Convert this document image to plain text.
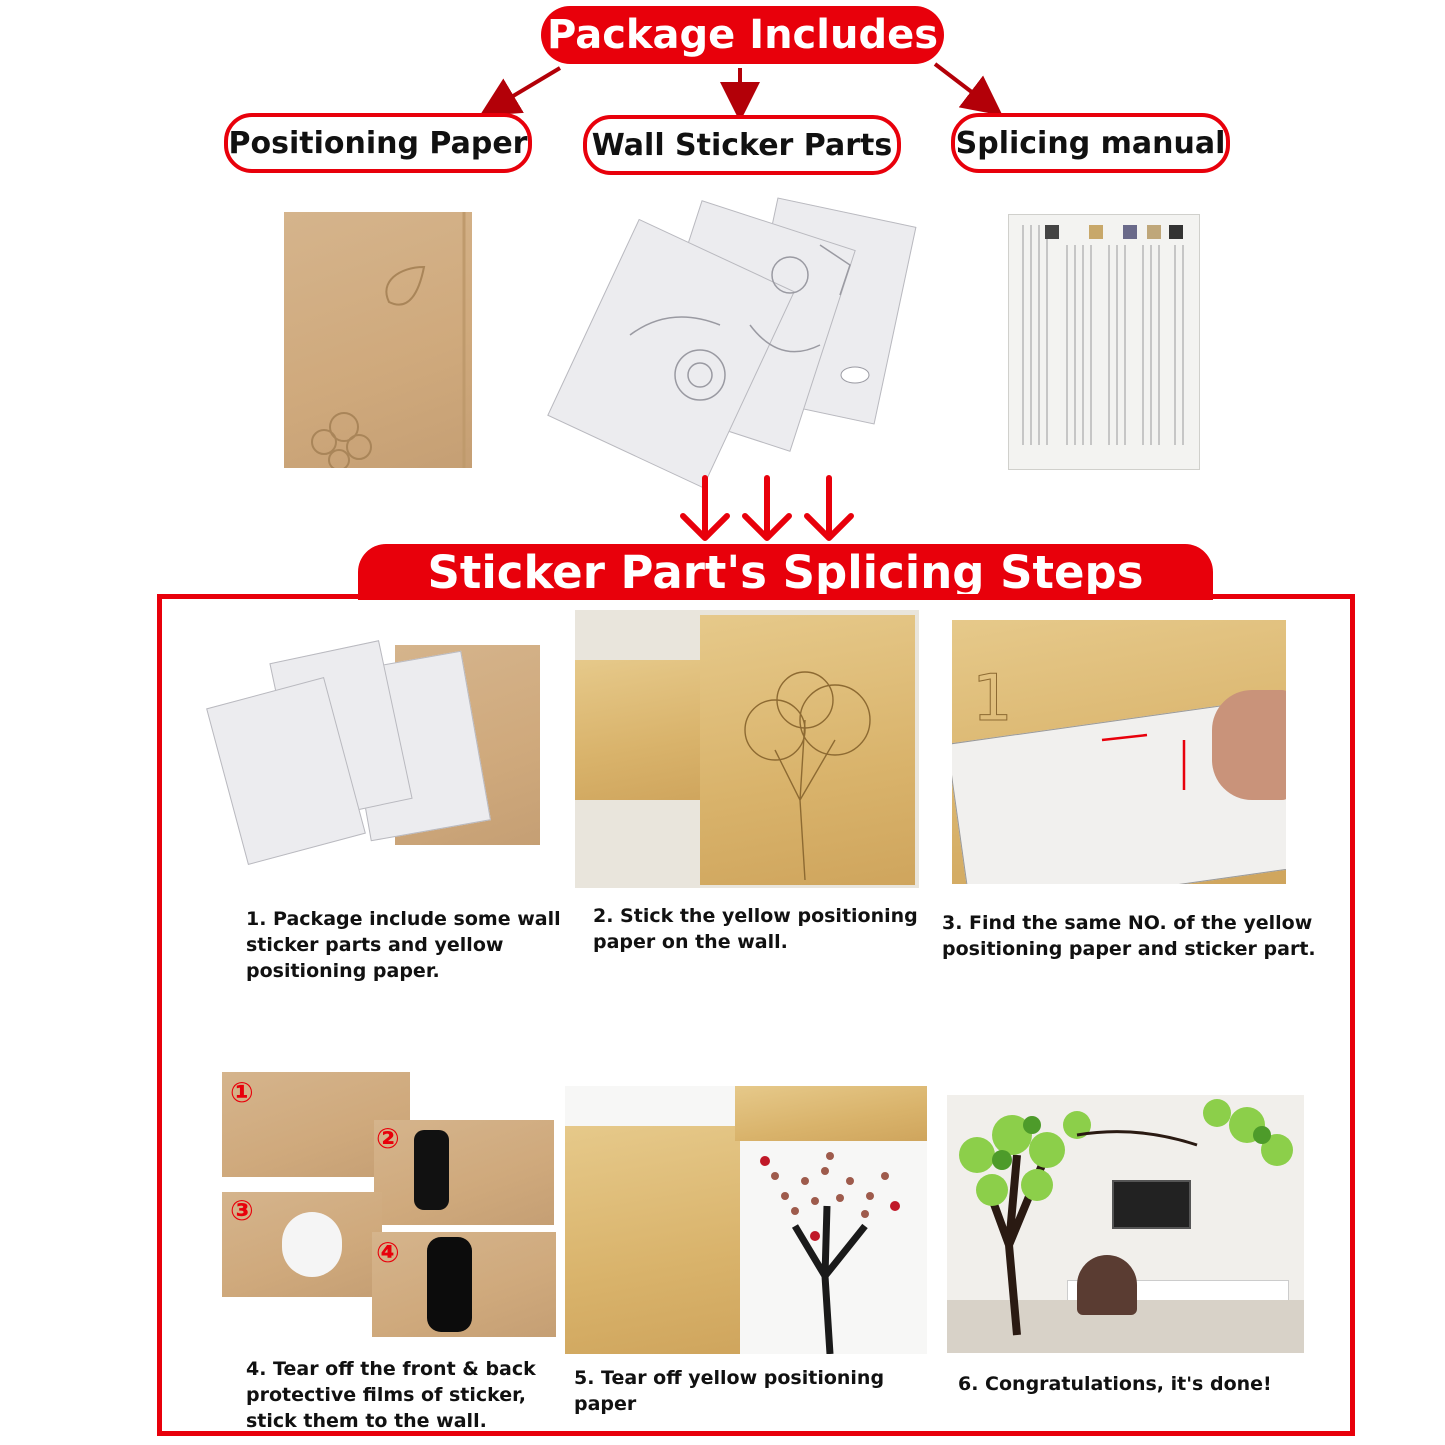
Package Includes
Positioning Paper Wall Sticker Parts Splicing manual
Sticker Part's Splicing Steps
1. Package include some wall
sticker parts and yellow
positioning paper.
2. Stick the yellow positioning
paper on the wall.
1
3. Find the same NO. of the yellow
positioning paper and sticker part.
①
②
③
④
4. Tear off the front & back
protective films of sticker,
stick them to the wall.
5. Tear off yellow positioning paper
6. Congratulations, it's done!
